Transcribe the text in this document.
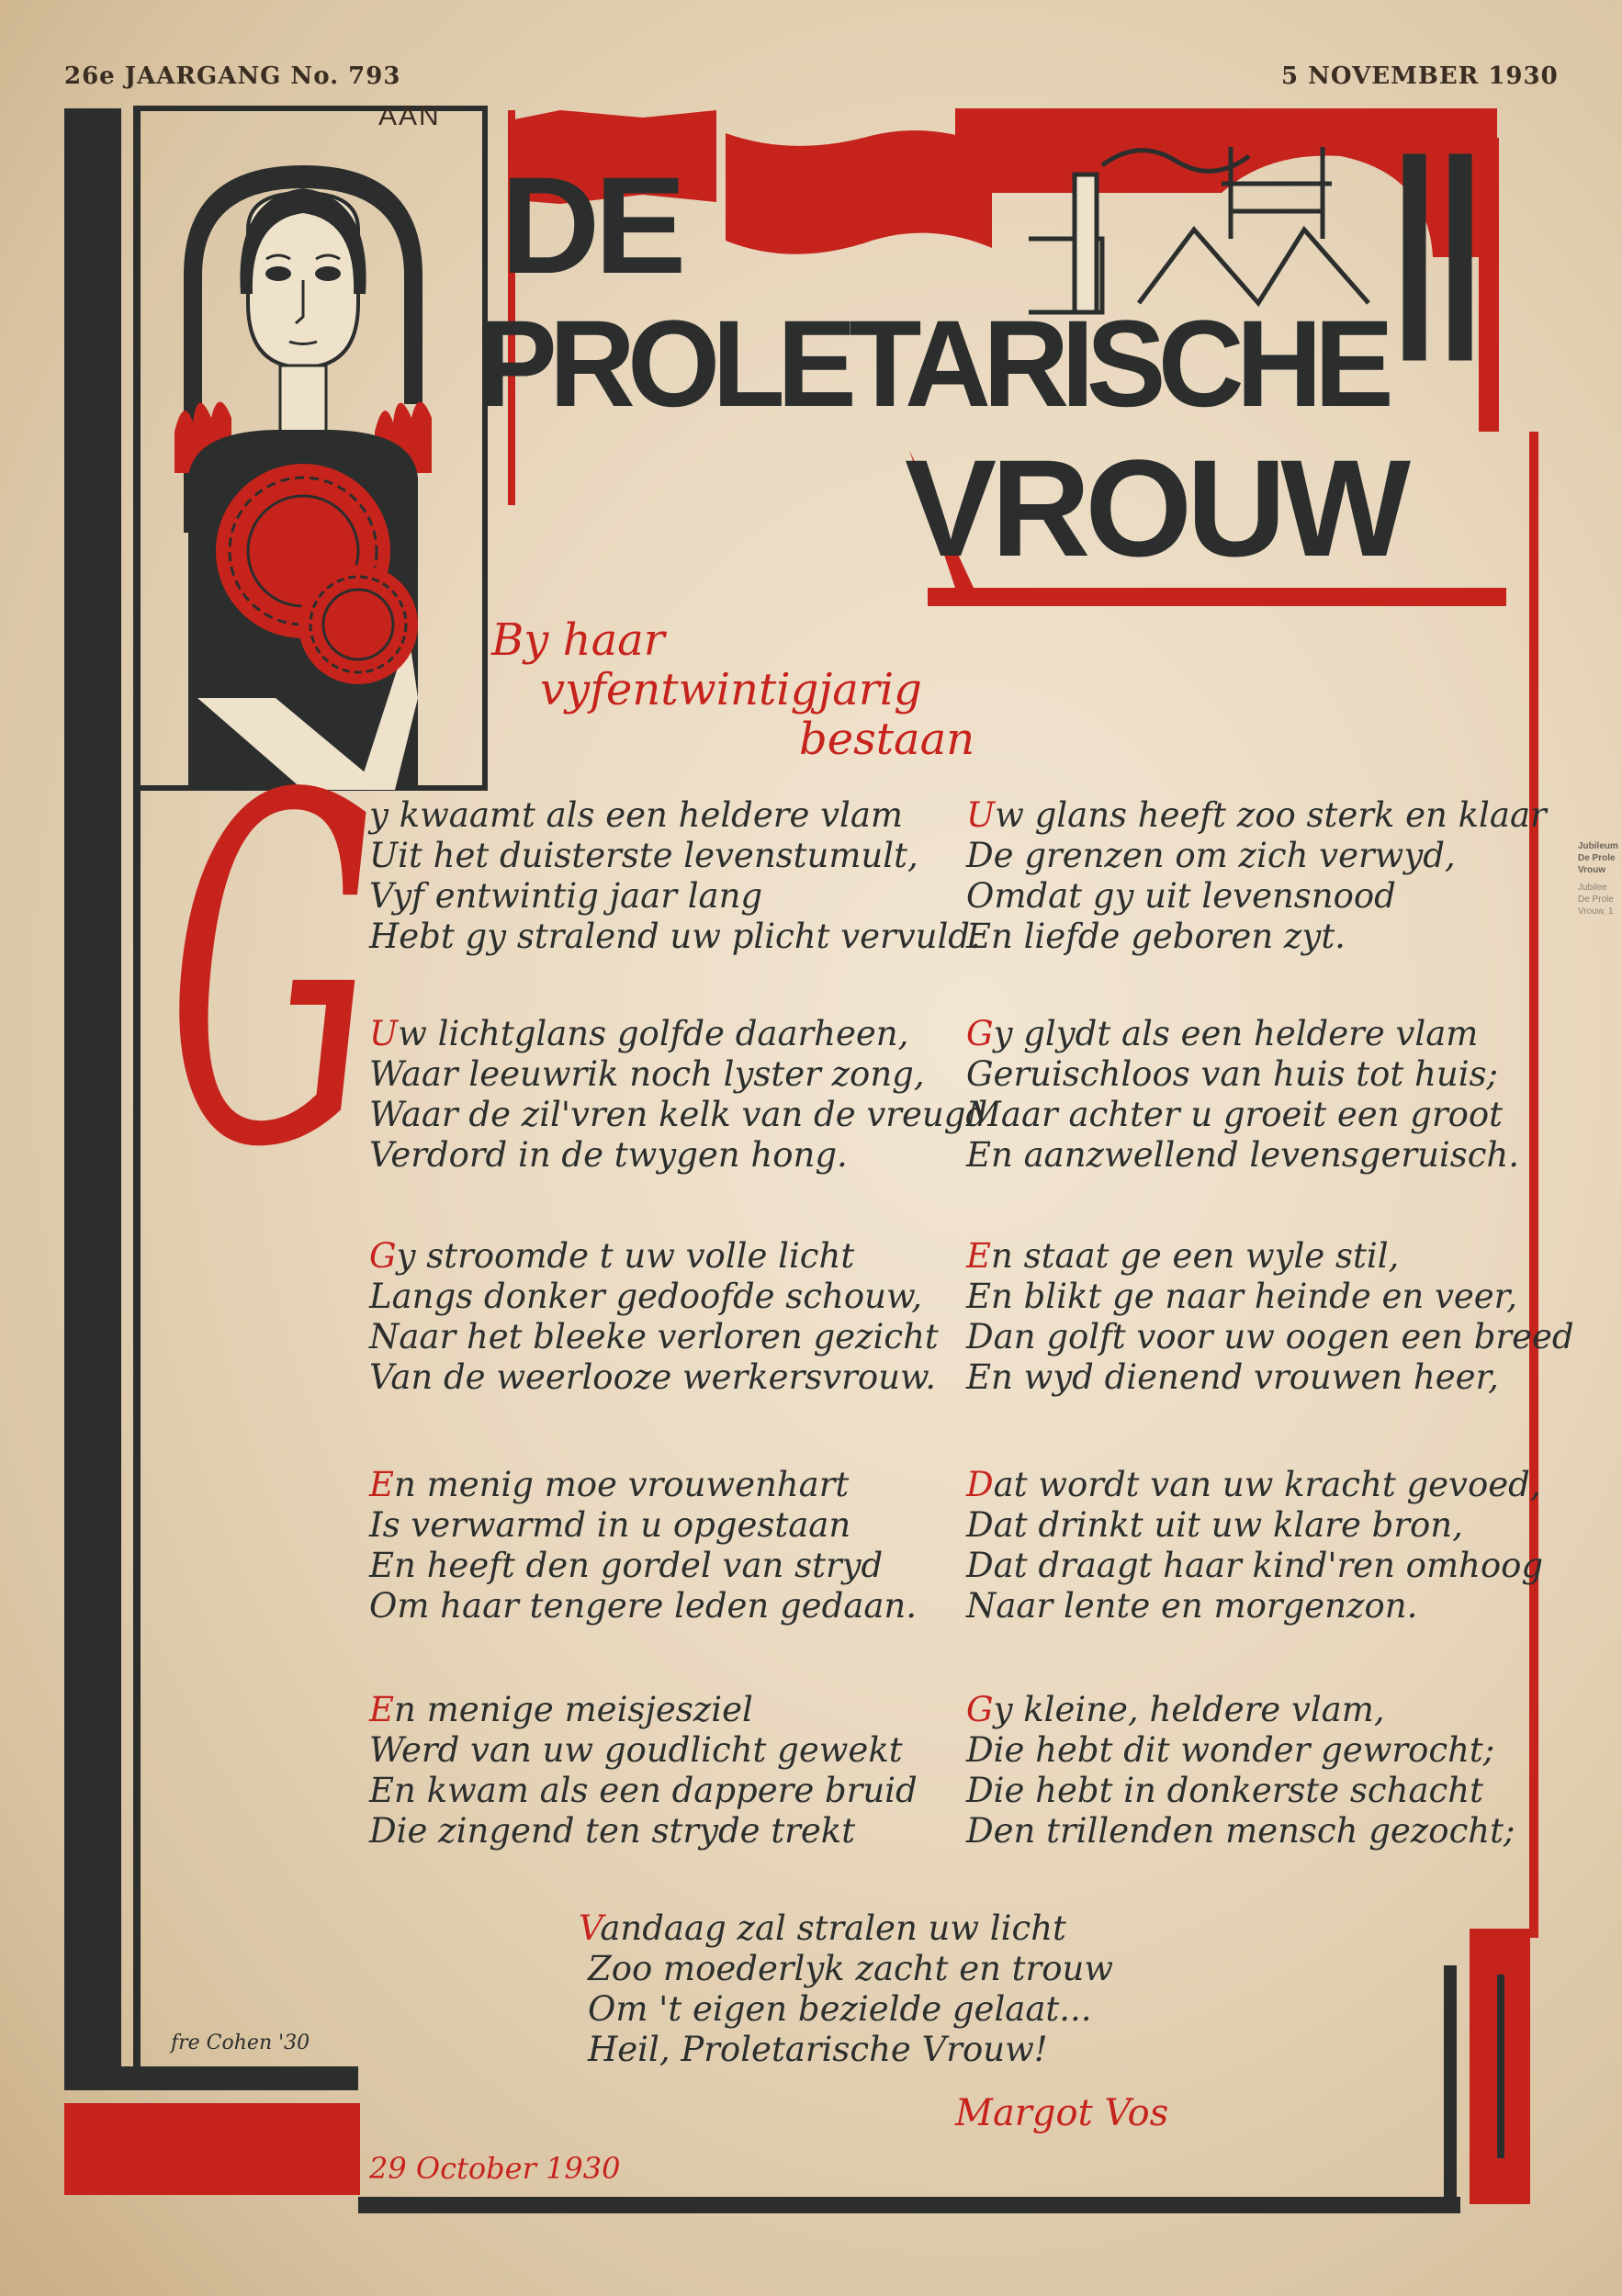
26e JAARGANG No. 793	5 NOVEMBER 1930
AAN
DE
PROLETARISCHE
VROUW
By haar
vyfentwintigjarig
bestaan
G
y kwaamt als een heldere vlam
Uit het duisterste levenstumult,
Vyf entwintig jaar lang
Hebt gy stralend uw plicht vervuld.
Uw lichtglans golfde daarheen,
Waar leeuwrik noch lyster zong,
Waar de zil'vren kelk van de vreugd
Verdord in de twygen hong.
Gy stroomde t uw volle licht
Langs donker gedoofde schouw,
Naar het bleeke verloren gezicht
Van de weerlooze werkersvrouw.
En menig moe vrouwenhart
Is verwarmd in u opgestaan
En heeft den gordel van stryd
Om haar tengere leden gedaan.
En menige meisjesziel
Werd van uw goudlicht gewekt
En kwam als een dappere bruid
Die zingend ten stryde trekt
Uw glans heeft zoo sterk en klaar
De grenzen om zich verwyd,
Omdat gy uit levensnood
En liefde geboren zyt.
Gy glydt als een heldere vlam
Geruischloos van huis tot huis;
Maar achter u groeit een groot
En aanzwellend levensgeruisch.
En staat ge een wyle stil,
En blikt ge naar heinde en veer,
Dan golft voor uw oogen een breed
En wyd dienend vrouwen heer,
Dat wordt van uw kracht gevoed,
Dat drinkt uit uw klare bron,
Dat draagt haar kind'ren omhoog
Naar lente en morgenzon.
Gy kleine, heldere vlam,
Die hebt dit wonder gewrocht;
Die hebt in donkerste schacht
Den trillenden mensch gezocht;
Vandaag zal stralen uw licht
Zoo moederlyk zacht en trouw
Om 't eigen bezielde gelaat...
Heil, Proletarische Vrouw!
Margot Vos
fre Cohen '30
29 October 1930
Jubileum
De Prole
Vrouw
Jubilee
De Prole
Vrouw, 1
